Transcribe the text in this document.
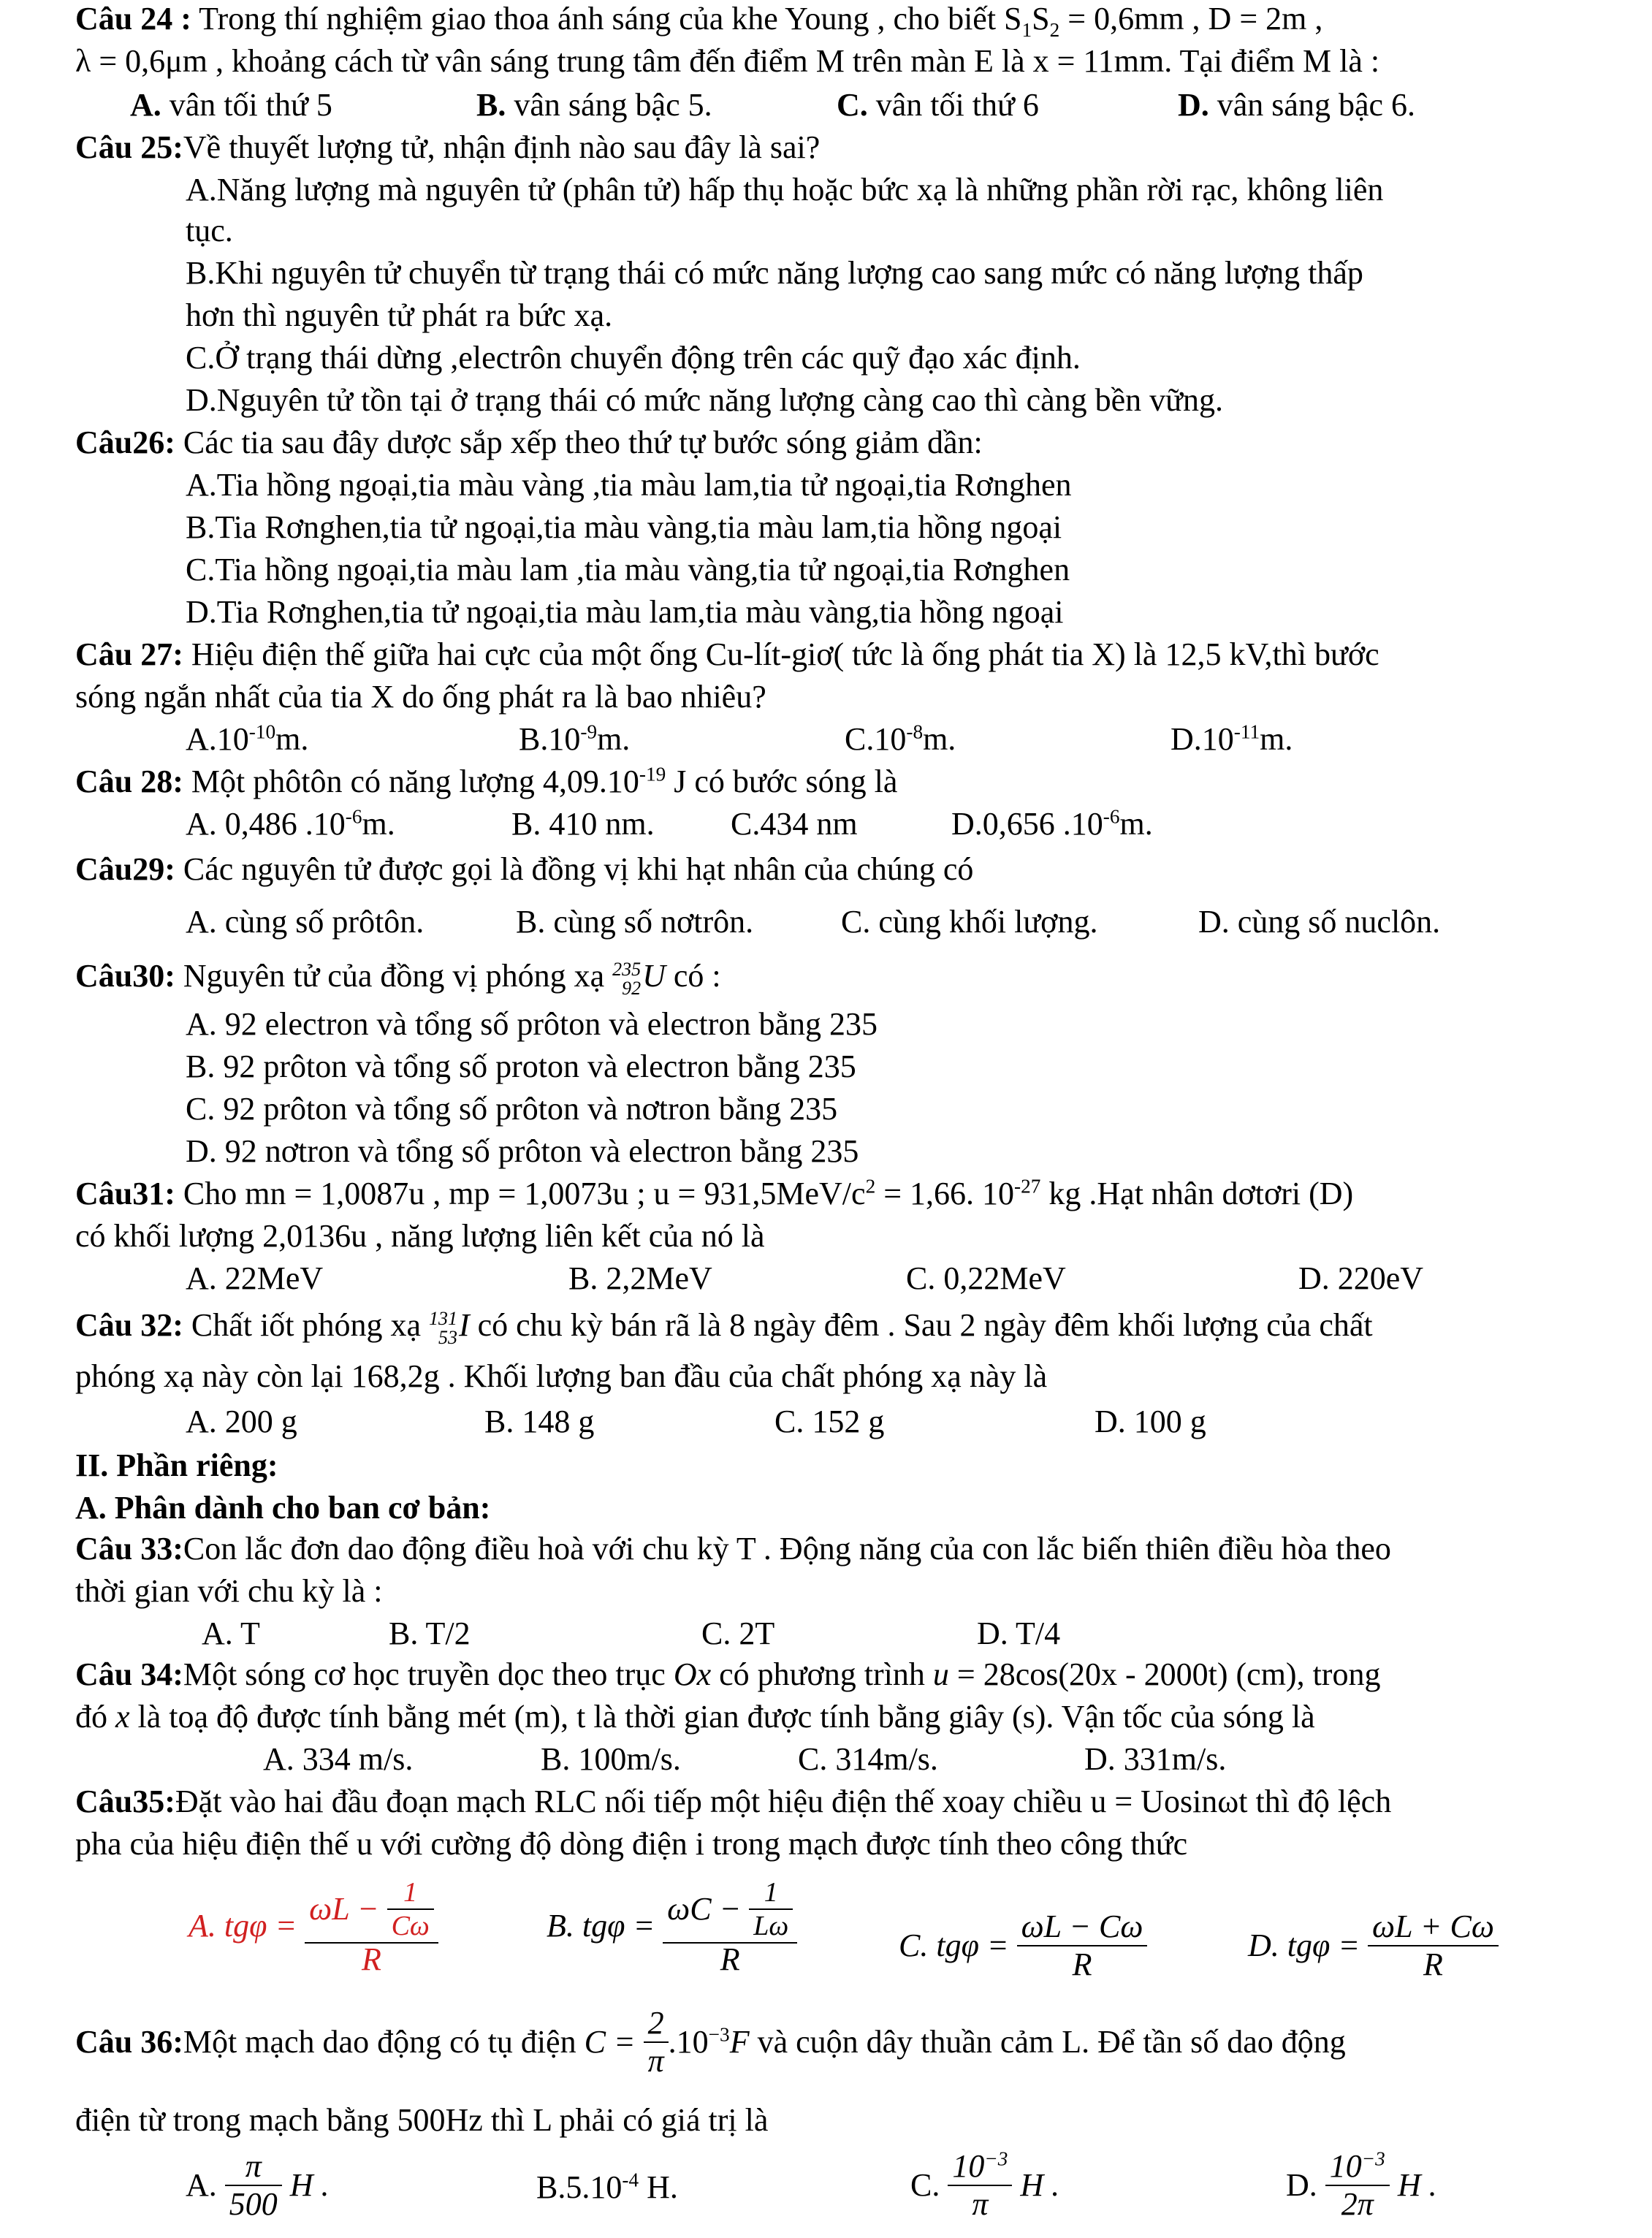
Câu 24 : Trong thí nghiệm giao thoa ánh sáng của khe Young , cho biết $S_1S_2 = 0,6mm$ , D = 2m ,
λ = 0,6μm , khoảng cách từ vân sáng trung tâm đến điểm M trên màn E là x = 11mm. Tại điểm M là :
A. vân tối thứ 5	B. vân sáng bậc 5.	C. vân tối thứ 6	D. vân sáng bậc 6.
Câu 25:Về thuyết lượng tử, nhận định nào sau đây là sai?
A.Năng lượng mà nguyên tử (phân tử) hấp thụ hoặc bức xạ là những phần rời rạc, không liên
tục.
B.Khi nguyên tử chuyển từ trạng thái có mức năng lượng cao sang mức có năng lượng thấp
hơn thì nguyên tử phát ra bức xạ.
C.Ở trạng thái dừng ,electrôn chuyển động trên các quỹ đạo xác định.
D.Nguyên tử tồn tại ở trạng thái có mức năng lượng càng cao thì càng bền vững.
Câu26: Các tia sau đây dược sắp xếp theo thứ tự bước sóng giảm dần:
A.Tia hồng ngoại,tia màu vàng ,tia màu lam,tia tử ngoại,tia Rơnghen
B.Tia Rơnghen,tia tử ngoại,tia màu vàng,tia màu lam,tia hồng ngoại
C.Tia hồng ngoại,tia màu lam ,tia màu vàng,tia tử ngoại,tia Rơnghen
D.Tia Rơnghen,tia tử ngoại,tia màu lam,tia màu vàng,tia hồng ngoại
Câu 27: Hiệu điện thế giữa hai cực của một ống Cu-lít-giơ( tức là ống phát tia X) là 12,5 kV,thì bước
sóng ngắn nhất của tia X do ống phát ra là bao nhiêu?
$A.10^{-10}m$.	$B.10^{-9}m$.	$C.10^{-8}m$.	$D.10^{-11}m$.
Câu 28: Một phôtôn có năng lượng $4,09.10^{-19}$ J có bước sóng là
A. 0,486 $.10^{-6}m$.	B. 410 nm. C.434 nm	D.0,656 $.10^{-6}m$.
Câu29: Các nguyên tử được gọi là đồng vị khi hạt nhân của chúng có
A. cùng số prôtôn.	B. cùng số nơtrôn.	C. cùng khối lượng.	D. cùng số nuclôn.
Câu30: Nguyên tử của đồng vị phóng xạ 235
92 U có :
A. 92 electron và tổng số prôton và electron bằng 235
B. 92 prôton và tổng số proton và electron bằng 235
C. 92 prôton và tổng số prôton và nơtron bằng 235
D. 92 nơtron và tổng số prôton và electron bằng 235
Câu31: Cho mn = 1,0087u , mp = 1,0073u ; $u = 931,5MeV/c^2 = 1,66$. $10^{-27}$ kg .Hạt nhân dơtơri (D)
có khối lượng 2,0136u , năng lượng liên kết của nó là
A. 22MeV	B. 2,2MeV	C. 0,22MeV	D. 220eV
Câu 32: Chất iốt phóng xạ 131
53 I có chu kỳ bán rã là 8 ngày đêm . Sau 2 ngày đêm khối lượng của chất
phóng xạ này còn lại 168,2g . Khối lượng ban đầu của chất phóng xạ này là
A. 200 g	B. 148 g	C. 152 g	D. 100 g
II. Phần riêng:
A. Phân dành cho ban cơ bản:
Câu 33:Con lắc đơn dao động điều hoà với chu kỳ T . Động năng của con lắc biến thiên điều hòa theo
thời gian với chu kỳ là :
A. T	B. T/2	C. 2T	D. T/4
Câu 34:Một sóng cơ học truyền dọc theo trục Ox có phương trình u = 28cos(20x - 2000t) (cm), trong
đó x là toạ độ được tính bằng mét (m), t là thời gian được tính bằng giây (s). Vận tốc của sóng là
A. 334 m/s.	B. 100m/s.	C. 314m/s.	D. 331m/s.
Câu35:Đặt vào hai đầu đoạn mạch RLC nối tiếp một hiệu điện thế xoay chiều u = Uosinωt thì độ lệch
pha của hiệu điện thế u với cường độ dòng điện i trong mạch được tính theo công thức
A. $tg\varphi = \frac{\omega L - \frac{1}{C\omega}}{R}$	B. $tg\varphi = \frac{\omega C - \frac{1}{L\omega}}{R}$	C. $tg\varphi = \frac{\omega L - C\omega}{R}$	D. $tg\varphi = \frac{\omega L + C\omega}{R}$
Câu 36:Một mạch dao động có tụ điện $C = \frac{2}{\pi} .10^{-3}F$ và cuộn dây thuần cảm L. Để tần số dao động
điện từ trong mạch bằng 500Hz thì L phải có giá trị là
A. $\frac{\pi}{500}$ H .	$B.5.10^{-4}$ H.	C. $\frac{10^{-3}}{\pi}$ H .	D. $\frac{10^{-3}}{2\pi}$ H .
